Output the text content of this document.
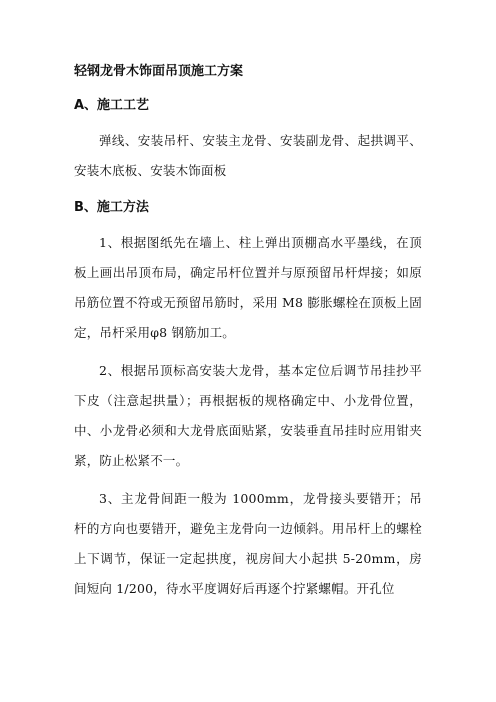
轻钢龙骨木饰面吊顶施工方案
A、施工工艺
弹线、安装吊杆、安装主龙骨、安装副龙骨、起拱调平、安装木底板、安装木饰面板
B、施工方法
1、根据图纸先在墙上、柱上弹出顶棚高水平墨线，在顶板上画出吊顶布局，确定吊杆位置并与原预留吊杆焊接；如原吊筋位置不符或无预留吊筋时，采用 M8 膨胀螺栓在顶板上固定，吊杆采用φ8 钢筋加工。
2、根据吊顶标高安装大龙骨，基本定位后调节吊挂抄平下皮（注意起拱量）；再根据板的规格确定中、小龙骨位置，中、小龙骨必须和大龙骨底面贴紧，安装垂直吊挂时应用钳夹紧，防止松紧不一。
3、主龙骨间距一般为 1000mm，龙骨接头要错开；吊杆的方向也要错开，避免主龙骨向一边倾斜。用吊杆上的螺栓上下调节，保证一定起拱度，视房间大小起拱 5-20mm，房间短向 1/200，待水平度调好后再逐个拧紧螺帽。开孔位
